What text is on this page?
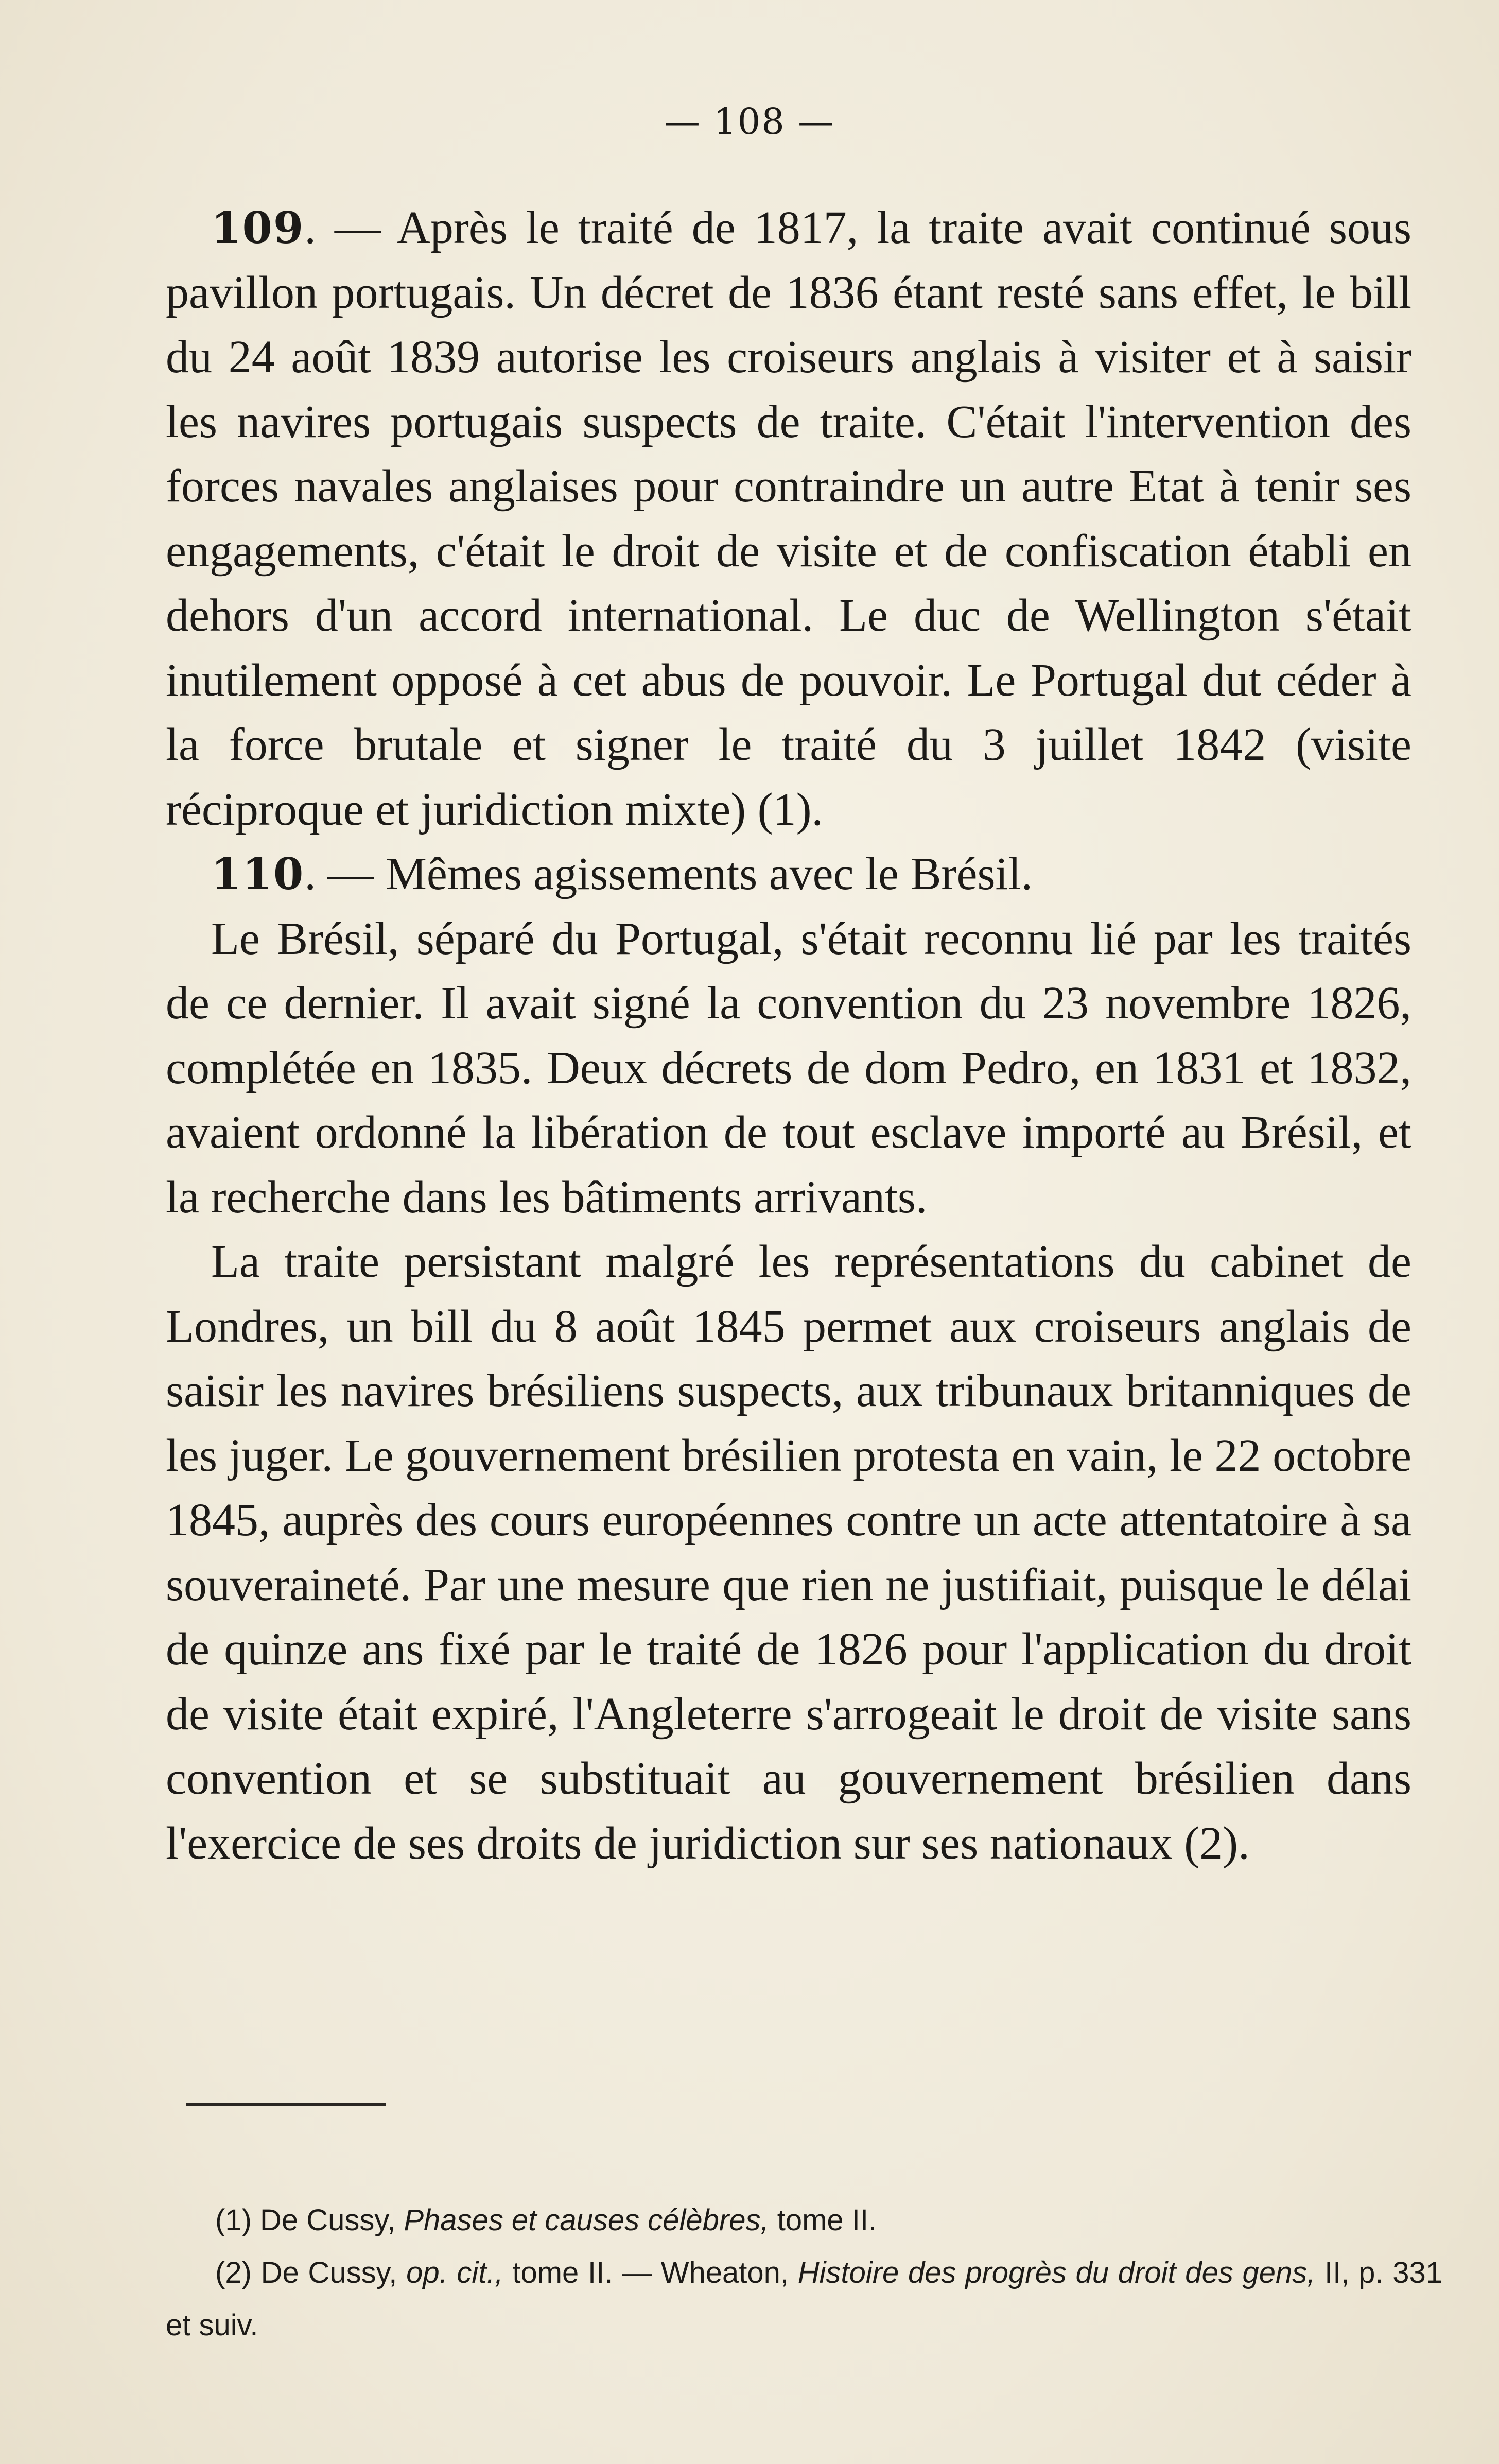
— 108 —

109. — Après le traité de 1817, la traite avait continué sous pavillon portugais. Un décret de 1836 étant resté sans effet, le bill du 24 août 1839 autorise les croiseurs anglais à visiter et à saisir les navires portugais suspects de traite. C'était l'intervention des forces navales anglaises pour contraindre un autre Etat à tenir ses engagements, c'était le droit de visite et de confiscation établi en dehors d'un accord international. Le duc de Wellington s'était inutilement opposé à cet abus de pouvoir. Le Portugal dut céder à la force brutale et signer le traité du 3 juillet 1842 (visite réciproque et juridiction mixte) (1).

110. — Mêmes agissements avec le Brésil.

Le Brésil, séparé du Portugal, s'était reconnu lié par les traités de ce dernier. Il avait signé la convention du 23 novembre 1826, complétée en 1835. Deux décrets de dom Pedro, en 1831 et 1832, avaient ordonné la libération de tout esclave importé au Brésil, et la recherche dans les bâtiments arrivants.

La traite persistant malgré les représentations du cabinet de Londres, un bill du 8 août 1845 permet aux croiseurs anglais de saisir les navires brésiliens suspects, aux tribunaux britanniques de les juger. Le gouvernement brésilien protesta en vain, le 22 octobre 1845, auprès des cours européennes contre un acte attentatoire à sa souveraineté. Par une mesure que rien ne justifiait, puisque le délai de quinze ans fixé par le traité de 1826 pour l'application du droit de visite était expiré, l'Angleterre s'arrogeait le droit de visite sans convention et se substituait au gouvernement brésilien dans l'exercice de ses droits de juridiction sur ses nationaux (2).

(1) De Cussy, Phases et causes célèbres, tome II.

(2) De Cussy, op. cit., tome II. — Wheaton, Histoire des progrès du droit des gens, II, p. 331 et suiv.
